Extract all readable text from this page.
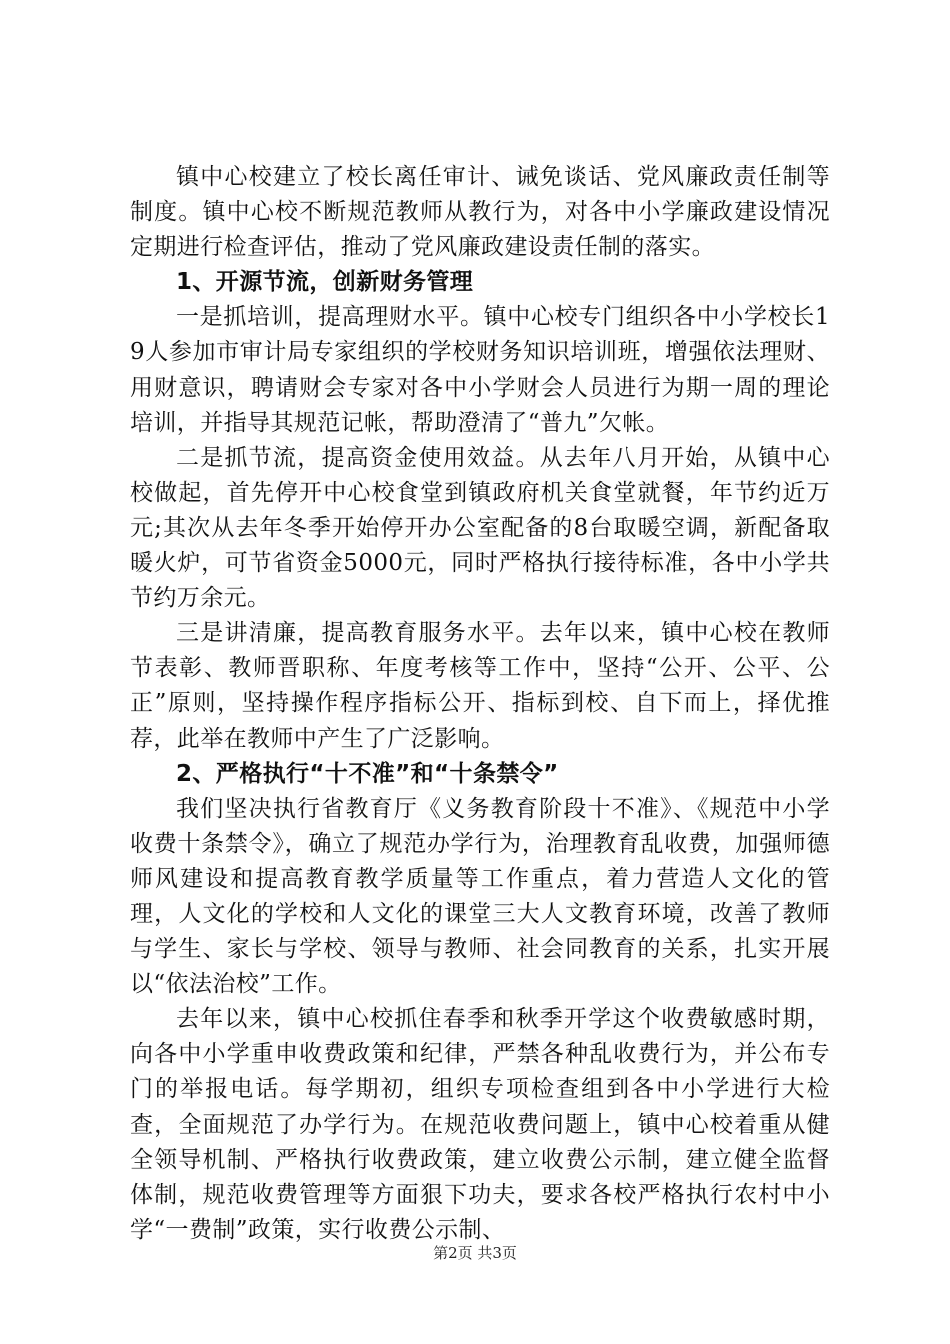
镇中心校建立了校长离任审计、诫免谈话、党风廉政责任制等制度。镇中心校不断规范教师从教行为，对各中小学廉政建设情况定期进行检查评估，推动了党风廉政建设责任制的落实。

1、开源节流，创新财务管理

一是抓培训，提高理财水平。镇中心校专门组织各中小学校长19人参加市审计局专家组织的学校财务知识培训班，增强依法理财、用财意识，聘请财会专家对各中小学财会人员进行为期一周的理论培训，并指导其规范记帐，帮助澄清了“普九”欠帐。

二是抓节流，提高资金使用效益。从去年八月开始，从镇中心校做起，首先停开中心校食堂到镇政府机关食堂就餐，年节约近万元;其次从去年冬季开始停开办公室配备的8台取暖空调，新配备取暖火炉，可节省资金5000元，同时严格执行接待标准，各中小学共节约万余元。

三是讲清廉，提高教育服务水平。去年以来，镇中心校在教师节表彰、教师晋职称、年度考核等工作中，坚持“公开、公平、公正”原则，坚持操作程序指标公开、指标到校、自下而上，择优推荐，此举在教师中产生了广泛影响。

2、严格执行“十不准”和“十条禁令”

我们坚决执行省教育厅《义务教育阶段十不准》、《规范中小学收费十条禁令》，确立了规范办学行为，治理教育乱收费，加强师德师风建设和提高教育教学质量等工作重点，着力营造人文化的管理，人文化的学校和人文化的课堂三大人文教育环境，改善了教师与学生、家长与学校、领导与教师、社会同教育的关系，扎实开展以“依法治校”工作。

去年以来，镇中心校抓住春季和秋季开学这个收费敏感时期，向各中小学重申收费政策和纪律，严禁各种乱收费行为，并公布专门的举报电话。每学期初，组织专项检查组到各中小学进行大检查，全面规范了办学行为。在规范收费问题上，镇中心校着重从健全领导机制、严格执行收费政策，建立收费公示制，建立健全监督体制，规范收费管理等方面狠下功夫，要求各校严格执行农村中小学“一费制”政策，实行收费公示制、

第2页 共3页
